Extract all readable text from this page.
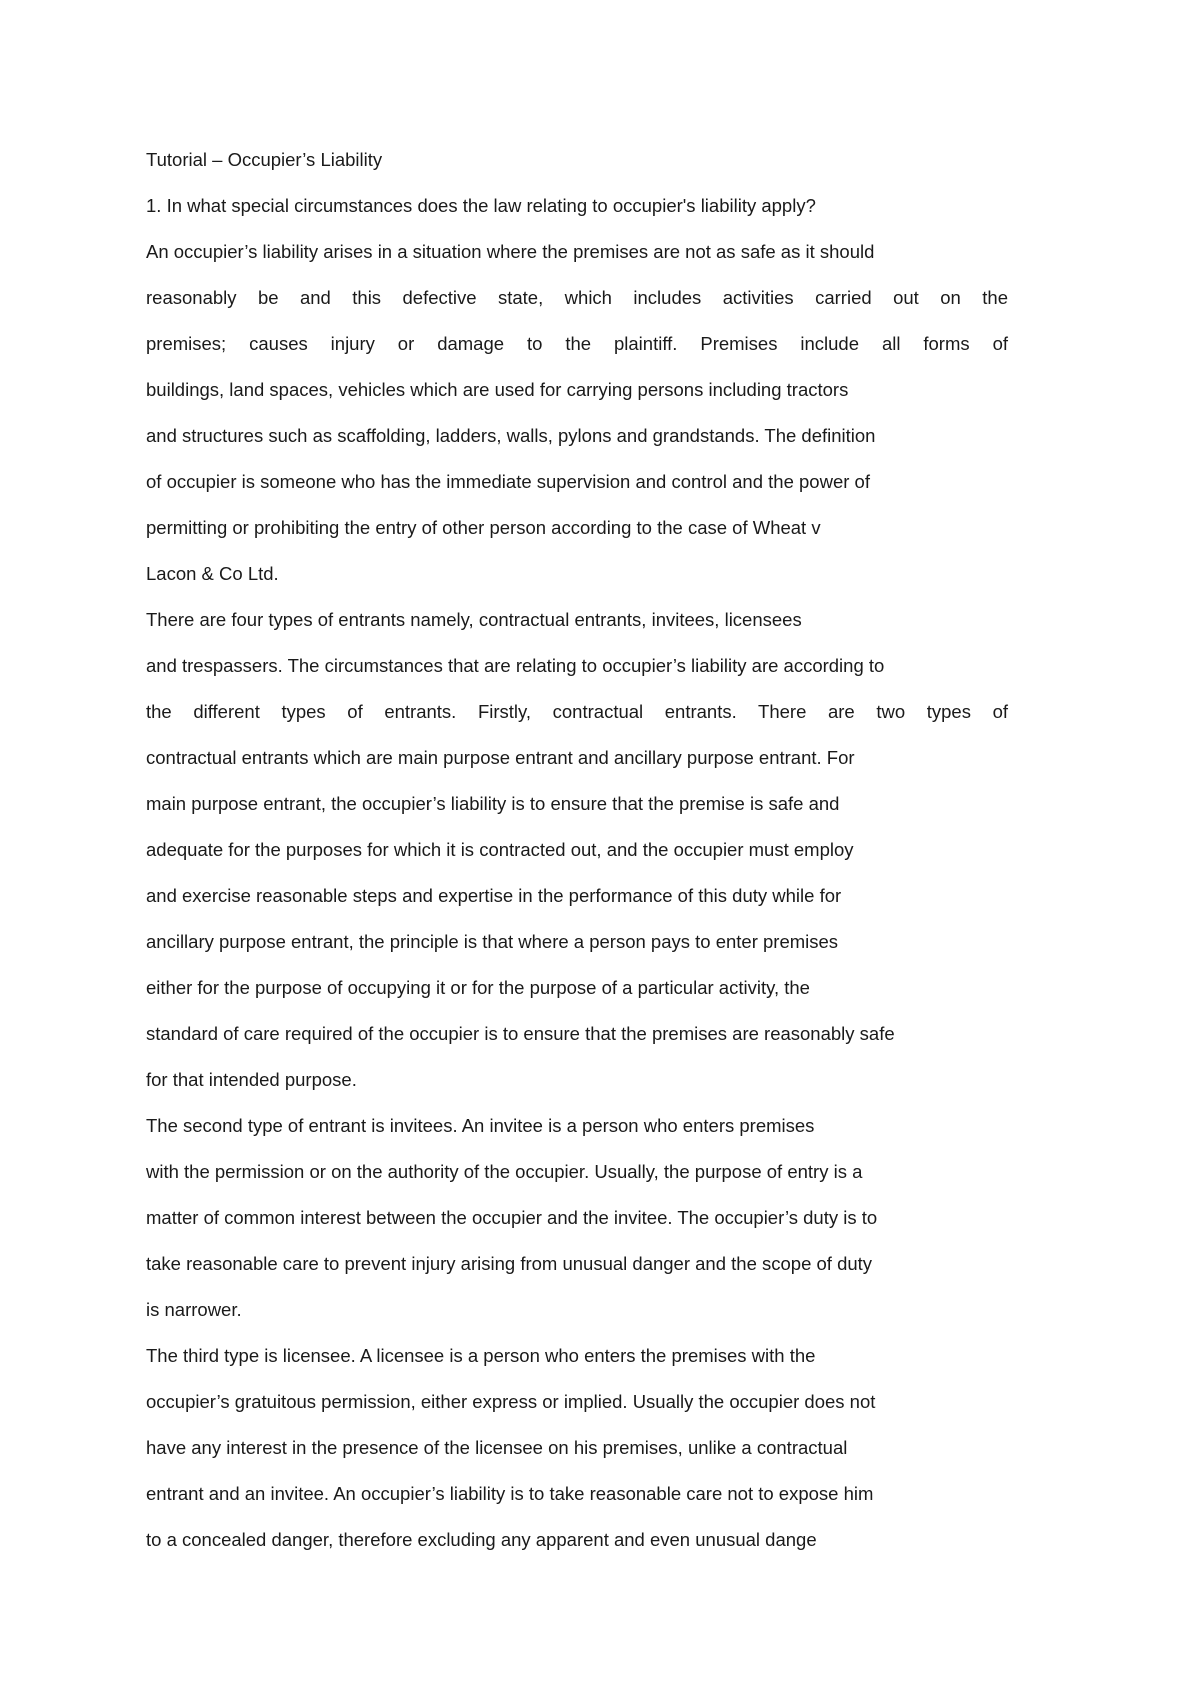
Tutorial – Occupier’s Liability
1. In what special circumstances does the law relating to occupier's liability apply?
An occupier’s liability arises in a situation where the premises are not as safe as it should
reasonably be and this defective state, which includes activities carried out on the
premises; causes injury or damage to the plaintiff. Premises include all forms of
buildings, land spaces, vehicles which are used for carrying persons including tractors
and structures such as scaffolding, ladders, walls, pylons and grandstands. The definition
of occupier is someone who has the immediate supervision and control and the power of
permitting or prohibiting the entry of other person according to the case of Wheat v
Lacon & Co Ltd.
There are four types of entrants namely, contractual entrants, invitees, licensees
and trespassers. The circumstances that are relating to occupier’s liability are according to
the different types of entrants. Firstly, contractual entrants. There are two types of
contractual entrants which are main purpose entrant and ancillary purpose entrant. For
main purpose entrant, the occupier’s liability is to ensure that the premise is safe and
adequate for the purposes for which it is contracted out, and the occupier must employ
and exercise reasonable steps and expertise in the performance of this duty while for
ancillary purpose entrant, the principle is that where a person pays to enter premises
either for the purpose of occupying it or for the purpose of a particular activity, the
standard of care required of the occupier is to ensure that the premises are reasonably safe
for that intended purpose.
The second type of entrant is invitees. An invitee is a person who enters premises
with the permission or on the authority of the occupier. Usually, the purpose of entry is a
matter of common interest between the occupier and the invitee. The occupier’s duty is to
take reasonable care to prevent injury arising from unusual danger and the scope of duty
is narrower.
The third type is licensee. A licensee is a person who enters the premises with the
occupier’s gratuitous permission, either express or implied. Usually the occupier does not
have any interest in the presence of the licensee on his premises, unlike a contractual
entrant and an invitee. An occupier’s liability is to take reasonable care not to expose him
to a concealed danger, therefore excluding any apparent and even unusual dange
